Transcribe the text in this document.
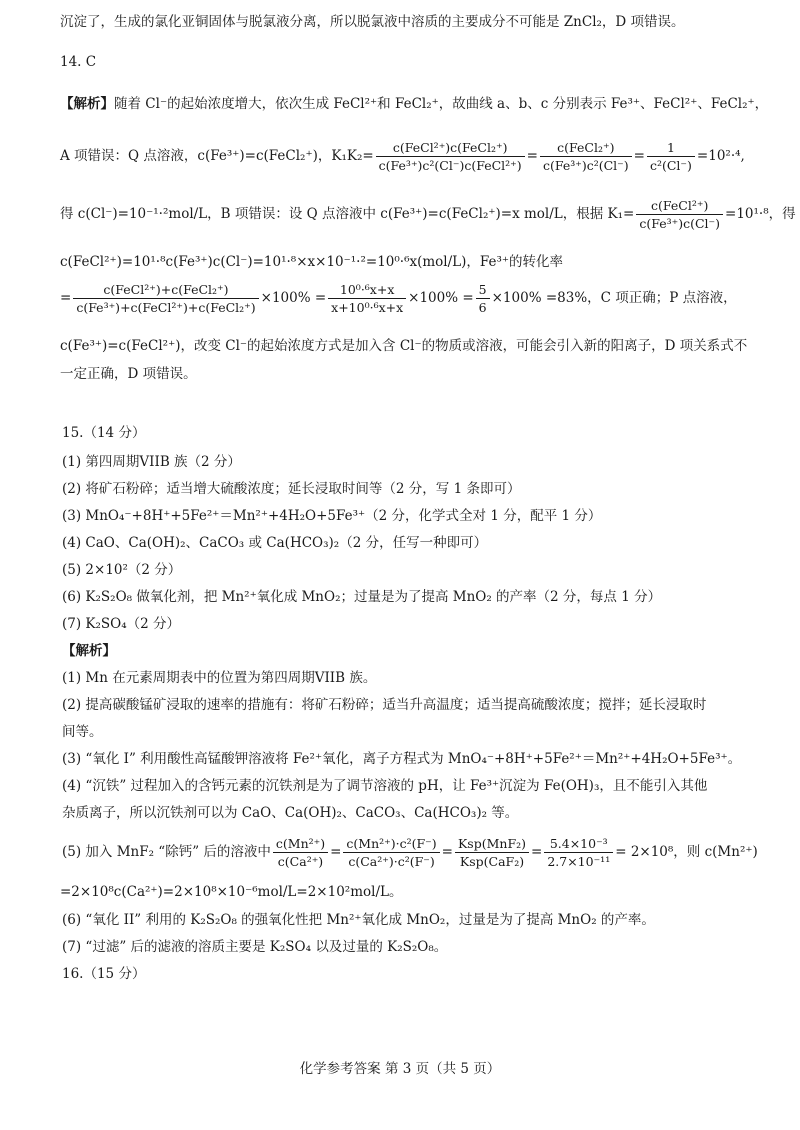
沉淀了，生成的氯化亚铜固体与脱氯液分离，所以脱氯液中溶质的主要成分不可能是 ZnCl₂，D 项错误。
14. C
【解析】随着 Cl⁻的起始浓度增大，依次生成 FeCl²⁺和 FeCl₂⁺，故曲线 a、b、c 分别表示 Fe³⁺、FeCl²⁺、FeCl₂⁺，
A 项错误：Q 点溶液，c(Fe³⁺)=c(FeCl₂⁺)，$K_1K_2= \frac{\text{c(FeCl²⁺)c(FeCl₂⁺)}}{\text{c(Fe³⁺)c²(Cl⁻)c(FeCl²⁺)}} = \frac{\text{c(FeCl₂⁺)}}{\text{c(Fe³⁺)c²(Cl⁻)}} = \frac{1}{\text{c²(Cl⁻)}} =10^2\cdot^4$,
得 c(Cl⁻)=10⁻¹·²mol/L，B 项错误：设 Q 点溶液中 c(Fe³⁺)=c(FeCl₂⁺)=x mol/L，根据 $K_1= \frac{\text{c(FeCl²⁺)}}{\text{c(Fe³⁺)c(Cl⁻)}} =10^1\cdot^8$，得
c(FeCl²⁺)=10¹·⁸c(Fe³⁺)c(Cl⁻)=10¹·⁸×x×10⁻¹·²=10⁰·⁶x(mol/L)，Fe³⁺的转化率
= $\frac{\text{c(FeCl²⁺)+c(FeCl₂⁺)}}{\text{c(Fe³⁺)+c(FeCl²⁺)+c(FeCl₂⁺)}} \times 100\% = \frac{\text{10⁰·⁶x+x}}{\text{x+10⁰·⁶x+x}} \times 100\% = \frac{5}{6} \times 100\% =83\%$，C 项正确；P 点溶液，
c(Fe³⁺)=c(FeCl²⁺)，改变 Cl⁻的起始浓度方式是加入含 Cl⁻的物质或溶液，可能会引入新的阳离子，D 项关系式不
一定正确，D 项错误。
15.（14 分）
(1) 第四周期VIIB 族（2 分）
(2) 将矿石粉碎；适当增大硫酸浓度；延长浸取时间等（2 分，写 1 条即可）
(3) MnO₄⁻+8H⁺+5Fe²⁺＝Mn²⁺+4H₂O+5Fe³⁺（2 分，化学式全对 1 分，配平 1 分）
(4) CaO、Ca(OH)₂、CaCO₃ 或 Ca(HCO₃)₂（2 分，任写一种即可）
(5) 2×10²（2 分）
(6) K₂S₂O₈ 做氧化剂，把 Mn²⁺氧化成 MnO₂；过量是为了提高 MnO₂ 的产率（2 分，每点 1 分）
(7) K₂SO₄（2 分）
【解析】
(1) Mn 在元素周期表中的位置为第四周期VIIB 族。
(2) 提高碳酸锰矿浸取的速率的措施有：将矿石粉碎；适当升高温度；适当提高硫酸浓度；搅拌；延长浸取时
间等。
(3) “氧化 I” 利用酸性高锰酸钾溶液将 Fe²⁺氧化，离子方程式为 MnO₄⁻+8H⁺+5Fe²⁺＝Mn²⁺+4H₂O+5Fe³⁺。
(4) “沉铁” 过程加入的含钙元素的沉铁剂是为了调节溶液的 pH，让 Fe³⁺沉淀为 Fe(OH)₃，且不能引入其他
杂质离子，所以沉铁剂可以为 CaO、Ca(OH)₂、CaCO₃、Ca(HCO₃)₂ 等。
(5) 加入 MnF₂ “除钙” 后的溶液中 $\frac{\text{c(Mn²⁺)}}{\text{c(Ca²⁺)}} = \frac{\text{c(Mn²⁺)·c²(F⁻)}}{\text{c(Ca²⁺)·c²(F⁻)}} = \frac{\text{Ksp(MnF₂)}}{\text{Ksp(CaF₂)}} = \frac{\text{5.4×10⁻³}}{\text{2.7×10⁻¹¹}} = 2\times 10^8$，则 c(Mn²⁺)
=2×10⁸c(Ca²⁺)=2×10⁸×10⁻⁶mol/L=2×10²mol/L。
(6) “氧化 II” 利用的 K₂S₂O₈ 的强氧化性把 Mn²⁺氧化成 MnO₂，过量是为了提高 MnO₂ 的产率。
(7) “过滤” 后的滤液的溶质主要是 K₂SO₄ 以及过量的 K₂S₂O₈。
16.（15 分）
化学参考答案 第 3 页（共 5 页）
